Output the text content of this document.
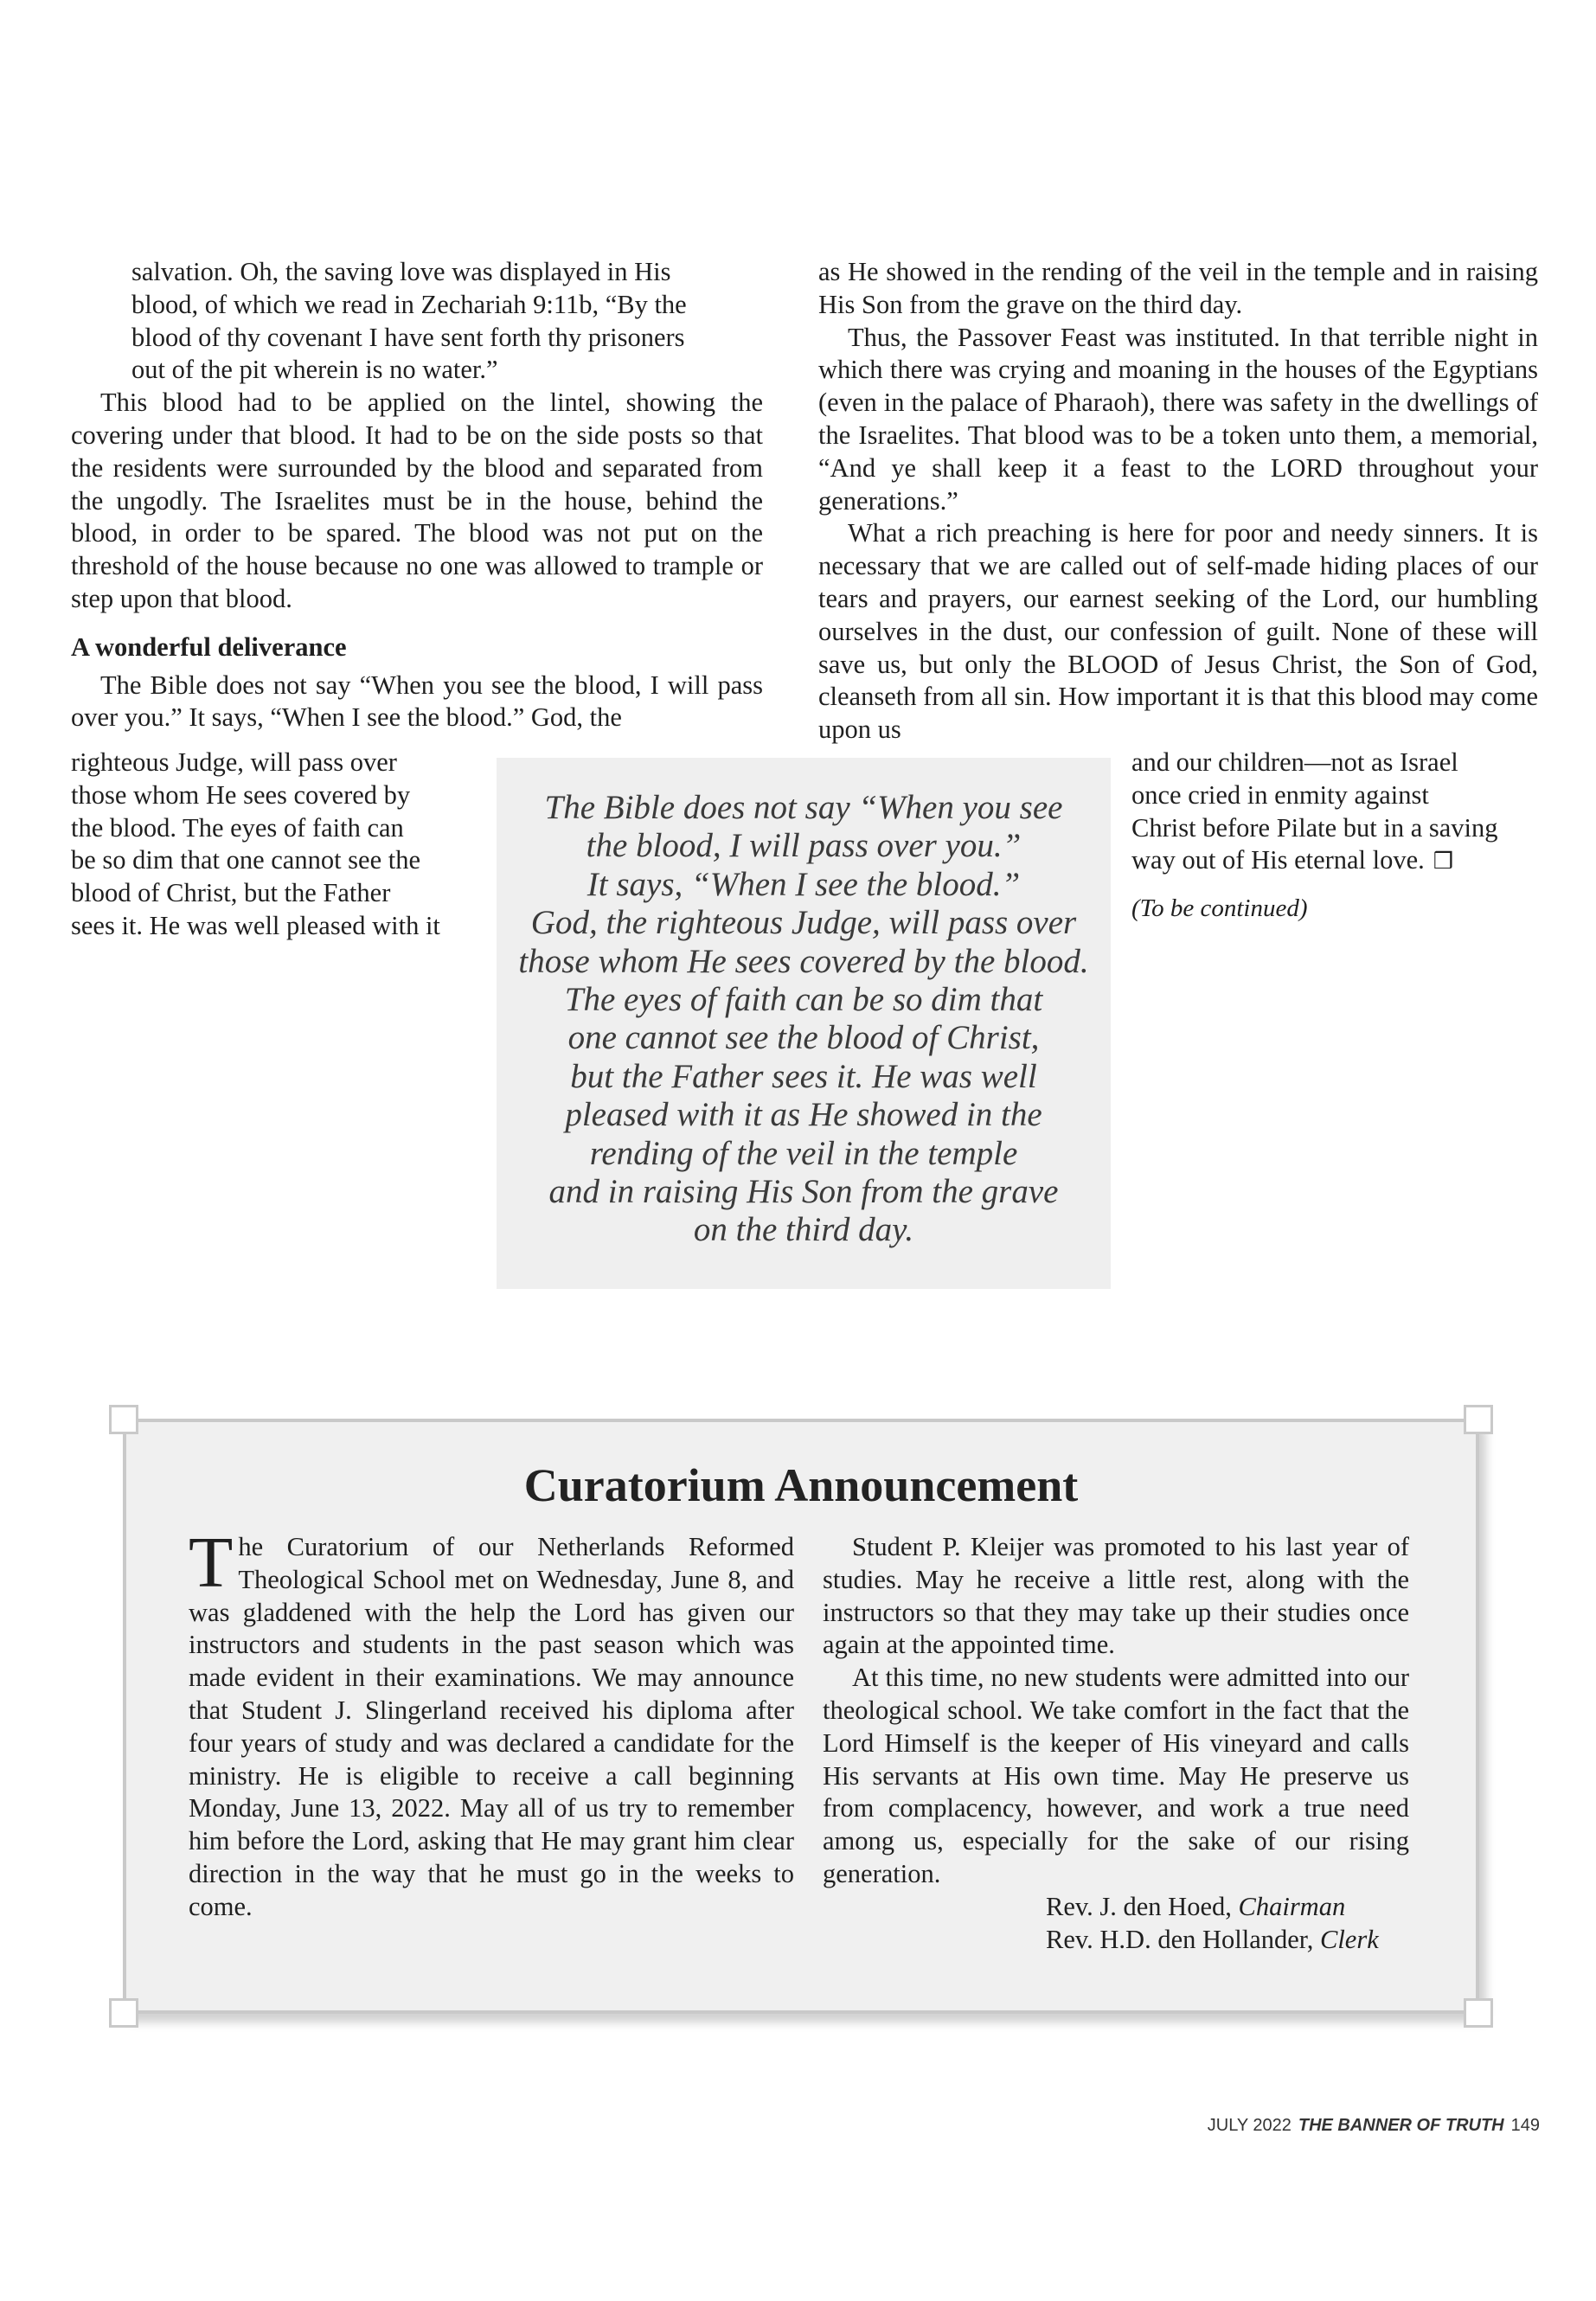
salvation. Oh, the saving love was displayed in His
blood, of which we read in Zechariah 9:11b, “By the
blood of thy covenant I have sent forth thy prisoners
out of the pit wherein is no water.”

This blood had to be applied on the lintel, showing the covering under that blood. It had to be on the side posts so that the residents were surrounded by the blood and separated from the ungodly. The Israelites must be in the house, behind the blood, in order to be spared. The blood was not put on the threshold of the house because no one was allowed to trample or step upon that blood.

A wonderful deliverance

The Bible does not say “When you see the blood, I will pass over you.” It says, “When I see the blood.” God, the

righteous Judge, will pass over
those whom He sees covered by
the blood. The eyes of faith can
be so dim that one cannot see the
blood of Christ, but the Father
sees it. He was well pleased with it

as He showed in the rending of the veil in the temple and in raising His Son from the grave on the third day.

Thus, the Passover Feast was instituted. In that terrible night in which there was crying and moaning in the houses of the Egyptians (even in the palace of Pharaoh), there was safety in the dwellings of the Israelites. That blood was to be a token unto them, a memorial, “And ye shall keep it a feast to the LORD throughout your generations.”

What a rich preaching is here for poor and needy sinners. It is necessary that we are called out of self-made hiding places of our tears and prayers, our earnest seeking of the Lord, our humbling ourselves in the dust, our confession of guilt. None of these will save us, but only the BLOOD of Jesus Christ, the Son of God, cleanseth from all sin. How important it is that this blood may come upon us

and our children—not as Israel
once cried in enmity against
Christ before Pilate but in a saving
way out of His eternal love. ❒

(To be continued)

The Bible does not say “When you see
the blood, I will pass over you.”
It says, “When I see the blood.”
God, the righteous Judge, will pass over
those whom He sees covered by the blood.
The eyes of faith can be so dim that
one cannot see the blood of Christ,
but the Father sees it. He was well
pleased with it as He showed in the
rending of the veil in the temple
and in raising His Son from the grave
on the third day.
Curatorium Announcement

The Curatorium of our Netherlands Reformed Theological School met on Wednesday, June 8, and was gladdened with the help the Lord has given our instructors and students in the past season which was made evident in their examinations. We may announce that Student J. Slingerland received his diploma after four years of study and was declared a candidate for the ministry. He is eligible to receive a call beginning Monday, June 13, 2022. May all of us try to remember him before the Lord, asking that He may grant him clear direction in the way that he must go in the weeks to come.

Student P. Kleijer was promoted to his last year of studies. May he receive a little rest, along with the instructors so that they may take up their studies once again at the appointed time.

At this time, no new students were admitted into our theological school. We take comfort in the fact that the Lord Himself is the keeper of His vineyard and calls His servants at His own time. May He preserve us from complacency, however, and work a true need among us, especially for the sake of our rising generation.

Rev. J. den Hoed, Chairman

Rev. H.D. den Hollander, Clerk

JULY 2022 THE BANNER OF TRUTH 149
